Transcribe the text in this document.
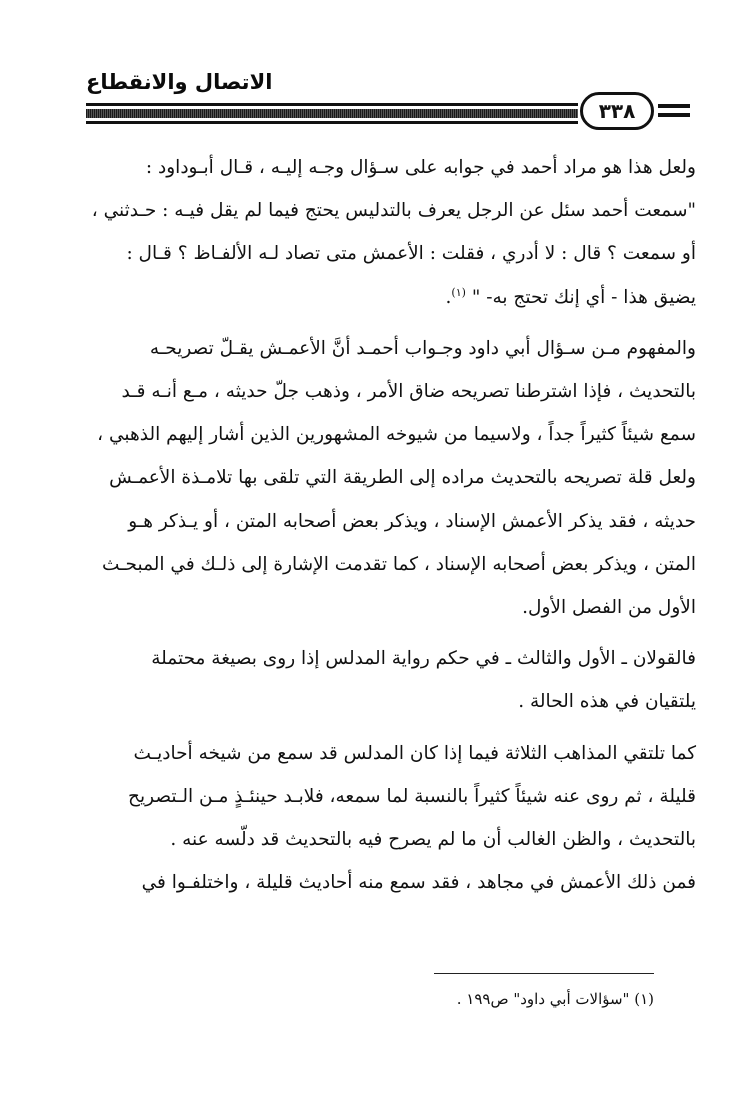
الاتصال والانقطاع
٣٣٨

ولعل هذا هو مراد أحمد في جوابه على سـؤال وجـه إليـه ، قـال أبـوداود :
"سمعت أحمد سئل عن الرجل يعرف بالتدليس يحتج فيما لم يقل فيـه : حـدثني ،
أو سمعت ؟ قال : لا أدري ، فقلت : الأعمش متى تصاد لـه الألفـاظ ؟ قـال :
يضيق هذا - أي إنك تحتج به- " $^{(١)}$.

والمفهوم مـن سـؤال أبي داود وجـواب أحمـد أنَّ الأعمـش يقـلّ تصريحـه
بالتحديث ، فإذا اشترطنا تصريحه ضاق الأمر ، وذهب جلّ حديثه ، مـع أنـه قـد
سمع شيئاً كثيراً جداً ، ولاسيما من شيوخه المشهورين الذين أشار إليهم الذهبي ،
ولعل قلة تصريحه بالتحديث مراده إلى الطريقة التي تلقى بها تلامـذة الأعمـش
حديثه ، فقد يذكر الأعمش الإسناد ، ويذكر بعض أصحابه المتن ، أو يـذكر هـو
المتن ، ويذكر بعض أصحابه الإسناد ، كما تقدمت الإشارة إلى ذلـك في المبحـث
الأول من الفصل الأول.

فالقولان ـ الأول والثالث ـ في حكم رواية المدلس إذا روى بصيغة محتملة
يلتقيان في هذه الحالة .

كما تلتقي المذاهب الثلاثة فيما إذا كان المدلس قد سمع من شيخه أحاديـث
قليلة ، ثم روى عنه شيئاً كثيراً بالنسبة لما سمعه، فلابـد حينئـذٍ مـن الـتصريح
بالتحديث ، والظن الغالب أن ما لم يصرح فيه بالتحديث قد دلّسه عنه .

فمن ذلك الأعمش في مجاهد ، فقد سمع منه أحاديث قليلة ، واختلفـوا في

(١) "سؤالات أبي داود" ص١٩٩ .
